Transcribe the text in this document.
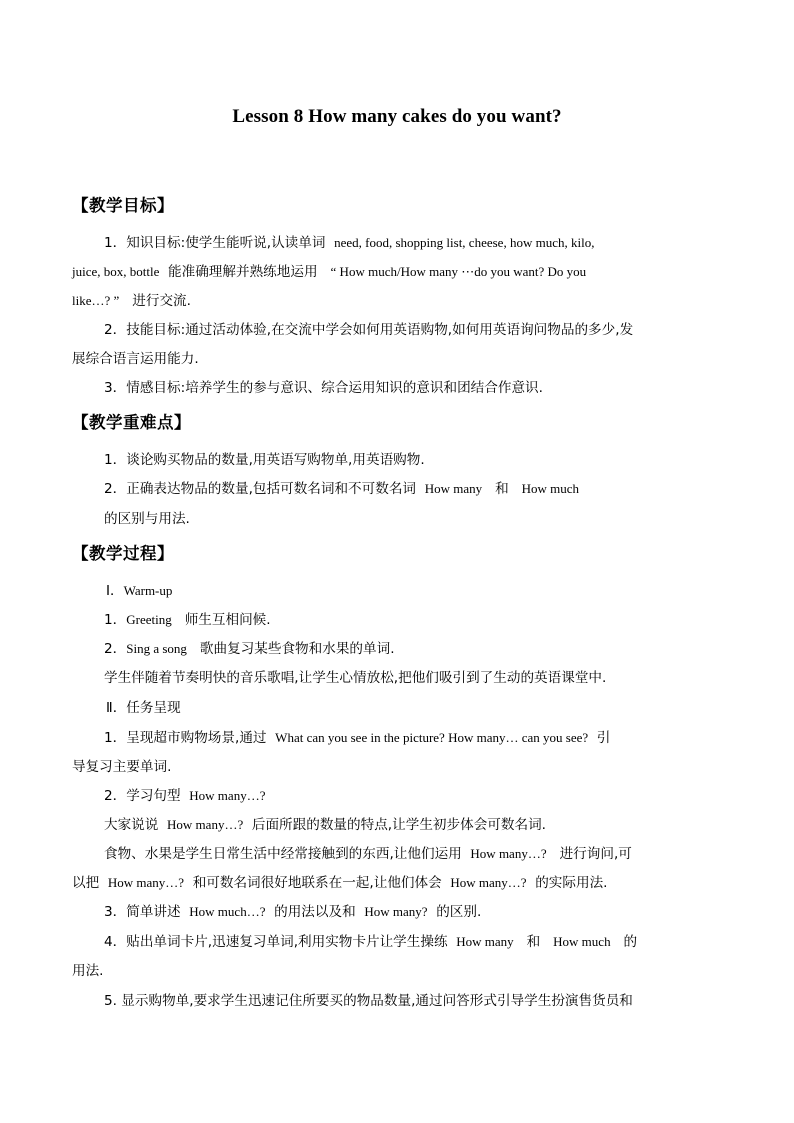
Lesson 8 How many cakes do you want?
【教学目标】
1．知识目标:使学生能听说,认读单词 need, food, shopping list, cheese, how much, kilo,
juice, box, bottle 能准确理解并熟练地运用 “ How much/How many ⋯do you want? Do you
like…? ” 进行交流.
2．技能目标:通过活动体验,在交流中学会如何用英语购物,如何用英语询问物品的多少,发
展综合语言运用能力.
3．情感目标:培养学生的参与意识、综合运用知识的意识和团结合作意识.
【教学重难点】
1．谈论购买物品的数量,用英语写购物单,用英语购物.
2．正确表达物品的数量,包括可数名词和不可数名词 How many 和 How much
的区别与用法.
【教学过程】
Ⅰ．Warm-up
1．Greeting 师生互相问候.
2．Sing a song 歌曲复习某些食物和水果的单词.
学生伴随着节奏明快的音乐歌唱,让学生心情放松,把他们吸引到了生动的英语课堂中.
Ⅱ．任务呈现
1．呈现超市购物场景,通过 What can you see in the picture? How many… can you see? 引
导复习主要单词.
2．学习句型 How many…?
大家说说 How many…? 后面所跟的数量的特点,让学生初步体会可数名词.
食物、水果是学生日常生活中经常接触到的东西,让他们运用 How many…? 进行询问,可
以把 How many…? 和可数名词很好地联系在一起,让他们体会 How many…? 的实际用法.
3．简单讲述 How much…? 的用法以及和 How many? 的区别.
4．贴出单词卡片,迅速复习单词,利用实物卡片让学生操练 How many 和 How much 的
用法.
5. 显示购物单,要求学生迅速记住所要买的物品数量,通过问答形式引导学生扮演售货员和
